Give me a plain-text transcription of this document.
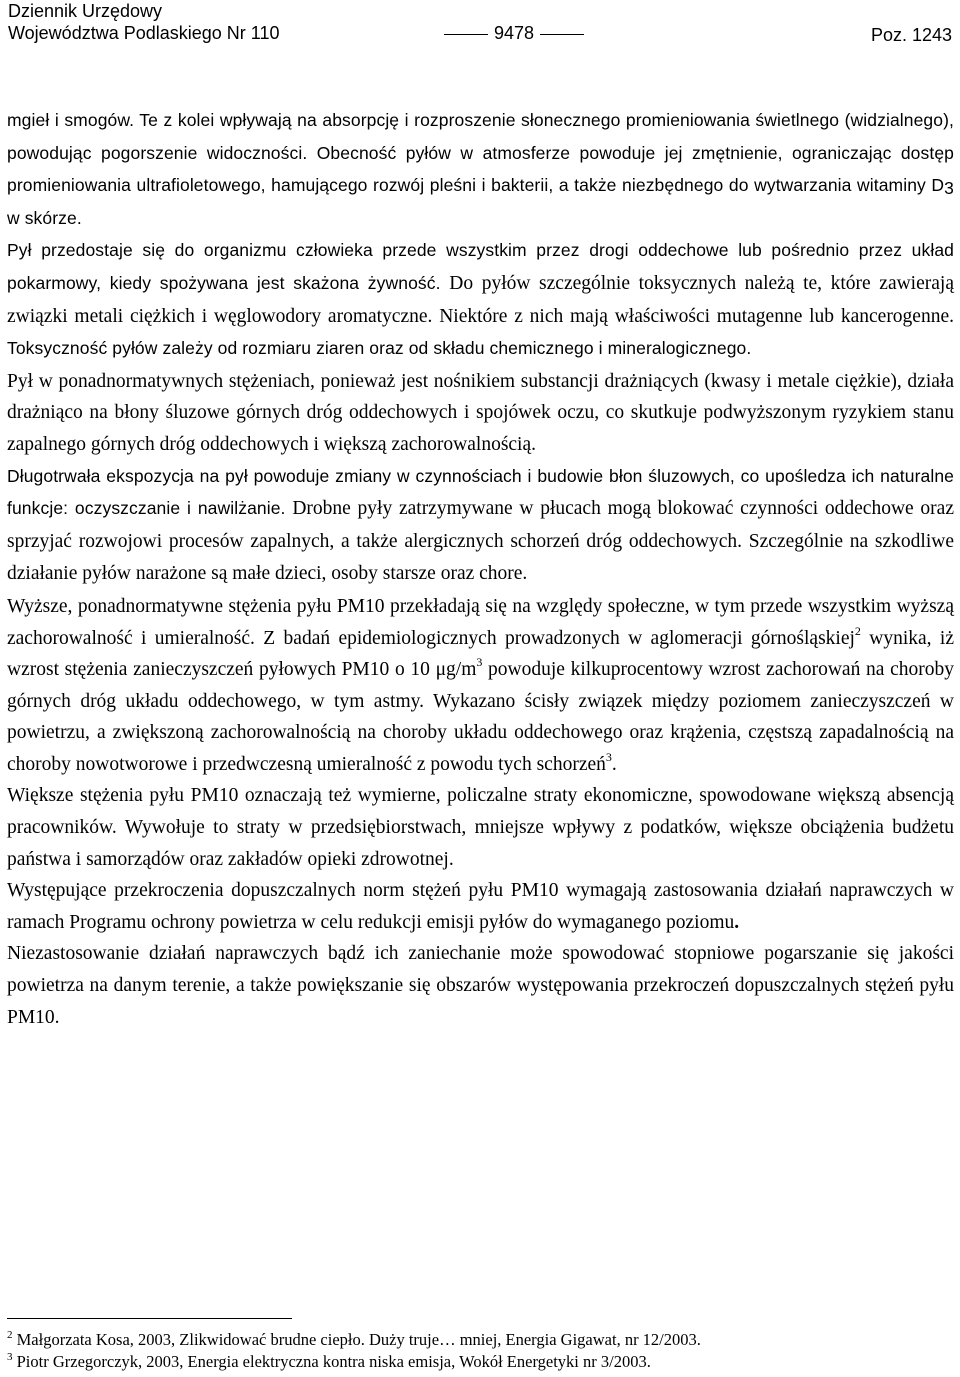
Dziennik Urzędowy
Województwa Podlaskiego Nr 110	9478	Poz. 1243

mgieł i smogów. Te z kolei wpływają na absorpcję i rozproszenie słonecznego promieniowania świetlnego (widzialnego), powodując pogorszenie widoczności. Obecność pyłów w atmosferze powoduje jej zmętnienie, ograniczając dostęp promieniowania ultrafioletowego, hamującego rozwój pleśni i bakterii, a także niezbędnego do wytwarzania witaminy $D_3$ w skórze.

Pył przedostaje się do organizmu człowieka przede wszystkim przez drogi oddechowe lub pośrednio przez układ pokarmowy, kiedy spożywana jest skażona żywność. Do pyłów szczególnie toksycznych należą te, które zawierają związki metali ciężkich i węglowodory aromatyczne. Niektóre z nich mają właściwości mutagenne lub kancerogenne. Toksyczność pyłów zależy od rozmiaru ziaren oraz od składu chemicznego i mineralogicznego.

Pył w ponadnormatywnych stężeniach, ponieważ jest nośnikiem substancji drażniących (kwasy i metale ciężkie), działa drażniąco na błony śluzowe górnych dróg oddechowych i spojówek oczu, co skutkuje podwyższonym ryzykiem stanu zapalnego górnych dróg oddechowych i większą zachorowalnością.

Długotrwała ekspozycja na pył powoduje zmiany w czynnościach i budowie błon śluzowych, co upośledza ich naturalne funkcje: oczyszczanie i nawilżanie. Drobne pyły zatrzymywane w płucach mogą blokować czynności oddechowe oraz sprzyjać rozwojowi procesów zapalnych, a także alergicznych schorzeń dróg oddechowych. Szczególnie na szkodliwe działanie pyłów narażone są małe dzieci, osoby starsze oraz chore.

Wyższe, ponadnormatywne stężenia pyłu PM10 przekładają się na względy społeczne, w tym przede wszystkim wyższą zachorowalność i umieralność. Z badań epidemiologicznych prowadzonych w aglomeracji górnośląskiej$^2$ wynika, iż wzrost stężenia zanieczyszczeń pyłowych PM10 o 10 $\mu g/m^3$ powoduje kilkuprocentowy wzrost zachorowań na choroby górnych dróg układu oddechowego, w tym astmy. Wykazano ścisły związek między poziomem zanieczyszczeń w powietrzu, a zwiększoną zachorowalnością na choroby układu oddechowego oraz krążenia, częstszą zapadalnością na choroby nowotworowe i przedwczesną umieralność z powodu tych schorzeń$^3$.

Większe stężenia pyłu PM10 oznaczają też wymierne, policzalne straty ekonomiczne, spowodowane większą absencją pracowników. Wywołuje to straty w przedsiębiorstwach, mniejsze wpływy z podatków, większe obciążenia budżetu państwa i samorządów oraz zakładów opieki zdrowotnej.

Występujące przekroczenia dopuszczalnych norm stężeń pyłu PM10 wymagają zastosowania działań naprawczych w ramach Programu ochrony powietrza w celu redukcji emisji pyłów do wymaganego poziomu.

Niezastosowanie działań naprawczych bądź ich zaniechanie może spowodować stopniowe pogarszanie się jakości powietrza na danym terenie, a także powiększanie się obszarów występowania przekroczeń dopuszczalnych stężeń pyłu PM10.

$^2$ Małgorzata Kosa, 2003, Zlikwidować brudne ciepło. Duży truje… mniej, Energia Gigawat, nr 12/2003.
$^3$ Piotr Grzegorczyk, 2003, Energia elektryczna kontra niska emisja, Wokół Energetyki nr 3/2003.
